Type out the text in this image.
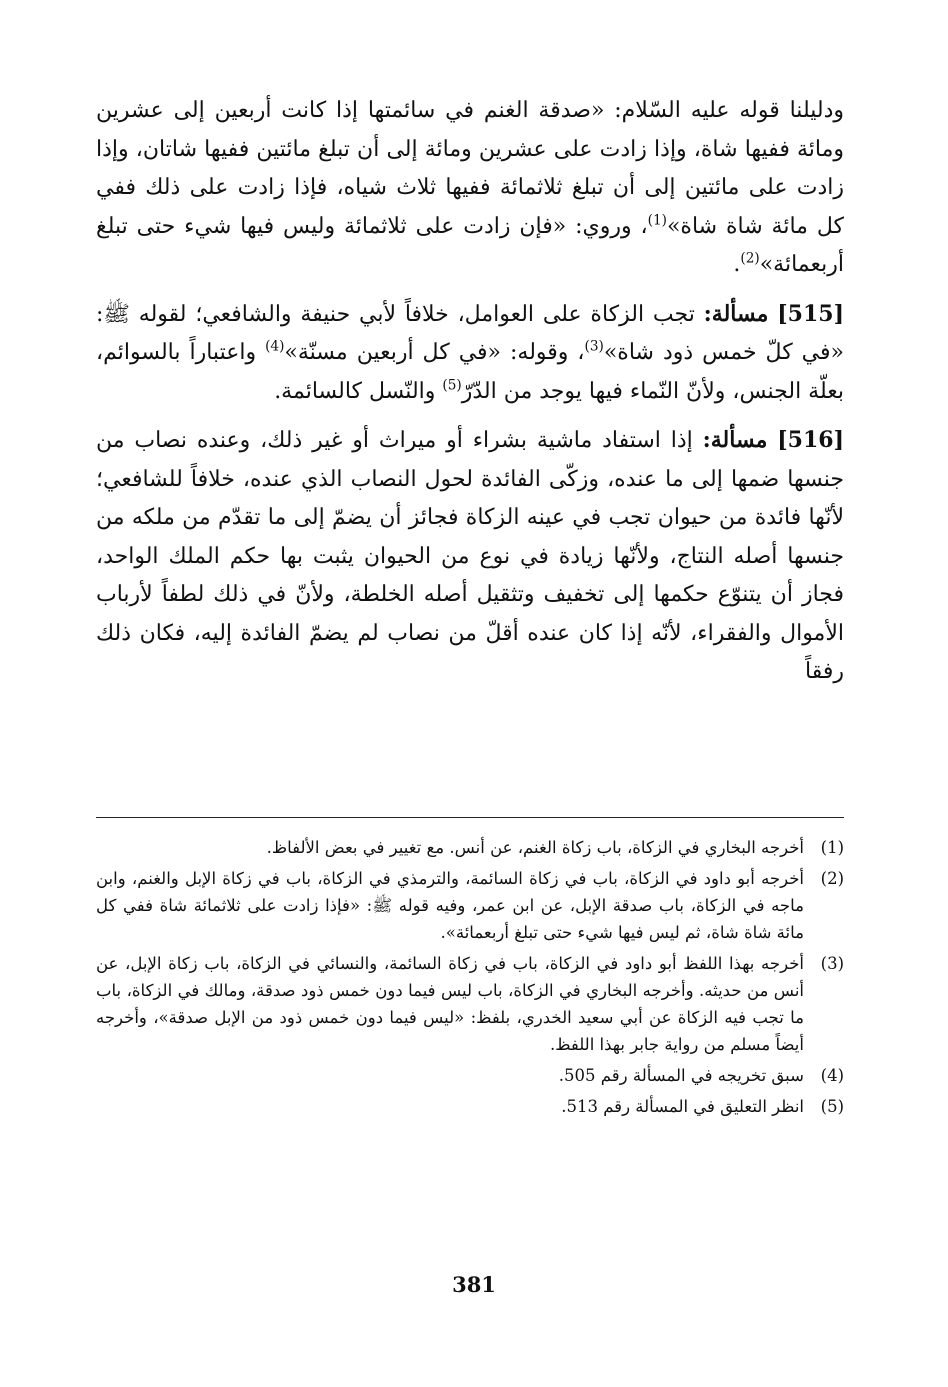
ودليلنا قوله عليه السّلام: «صدقة الغنم في سائمتها إذا كانت أربعين إلى عشرين ومائة ففيها شاة، وإذا زادت على عشرين ومائة إلى أن تبلغ مائتين ففيها شاتان، وإذا زادت على مائتين إلى أن تبلغ ثلاثمائة ففيها ثلاث شياه، فإذا زادت على ذلك ففي كل مائة شاة شاة»$^{(1)}$، وروي: «فإن زادت على ثلاثمائة وليس فيها شيء حتى تبلغ أربعمائة»$^{(2)}$.

[515] مسألة: تجب الزكاة على العوامل، خلافاً لأبي حنيفة والشافعي؛ لقوله ﷺ: «في كلّ خمس ذود شاة»$^{(3)}$، وقوله: «في كل أربعين مسنّة»$^{(4)}$ واعتباراً بالسوائم، بعلّة الجنس، ولأنّ النّماء فيها يوجد من الدّرّ$^{(5)}$ والنّسل كالسائمة.

[516] مسألة: إذا استفاد ماشية بشراء أو ميراث أو غير ذلك، وعنده نصاب من جنسها ضمها إلى ما عنده، وزكّى الفائدة لحول النصاب الذي عنده، خلافاً للشافعي؛ لأنّها فائدة من حيوان تجب في عينه الزكاة فجائز أن يضمّ إلى ما تقدّم من ملكه من جنسها أصله النتاج، ولأنّها زيادة في نوع من الحيوان يثبت بها حكم الملك الواحد، فجاز أن يتنوّع حكمها إلى تخفيف وتثقيل أصله الخلطة، ولأنّ في ذلك لطفاً لأرباب الأموال والفقراء، لأنّه إذا كان عنده أقلّ من نصاب لم يضمّ الفائدة إليه، فكان ذلك رفقاً

(1)
أخرجه البخاري في الزكاة، باب زكاة الغنم، عن أنس. مع تغيير في بعض الألفاظ.
(2)
أخرجه أبو داود في الزكاة، باب في زكاة السائمة، والترمذي في الزكاة، باب في زكاة الإبل والغنم، وابن ماجه في الزكاة، باب صدقة الإبل، عن ابن عمر، وفيه قوله ﷺ: «فإذا زادت على ثلاثمائة شاة ففي كل مائة شاة شاة، ثم ليس فيها شيء حتى تبلغ أربعمائة».
(3)
أخرجه بهذا اللفظ أبو داود في الزكاة، باب في زكاة السائمة، والنسائي في الزكاة، باب زكاة الإبل، عن أنس من حديثه. وأخرجه البخاري في الزكاة، باب ليس فيما دون خمس ذود صدقة، ومالك في الزكاة، باب ما تجب فيه الزكاة عن أبي سعيد الخدري، بلفظ: «ليس فيما دون خمس ذود من الإبل صدقة»، وأخرجه أيضاً مسلم من رواية جابر بهذا اللفظ.
(4)
سبق تخريجه في المسألة رقم 505.
(5)
انظر التعليق في المسألة رقم 513.
381
